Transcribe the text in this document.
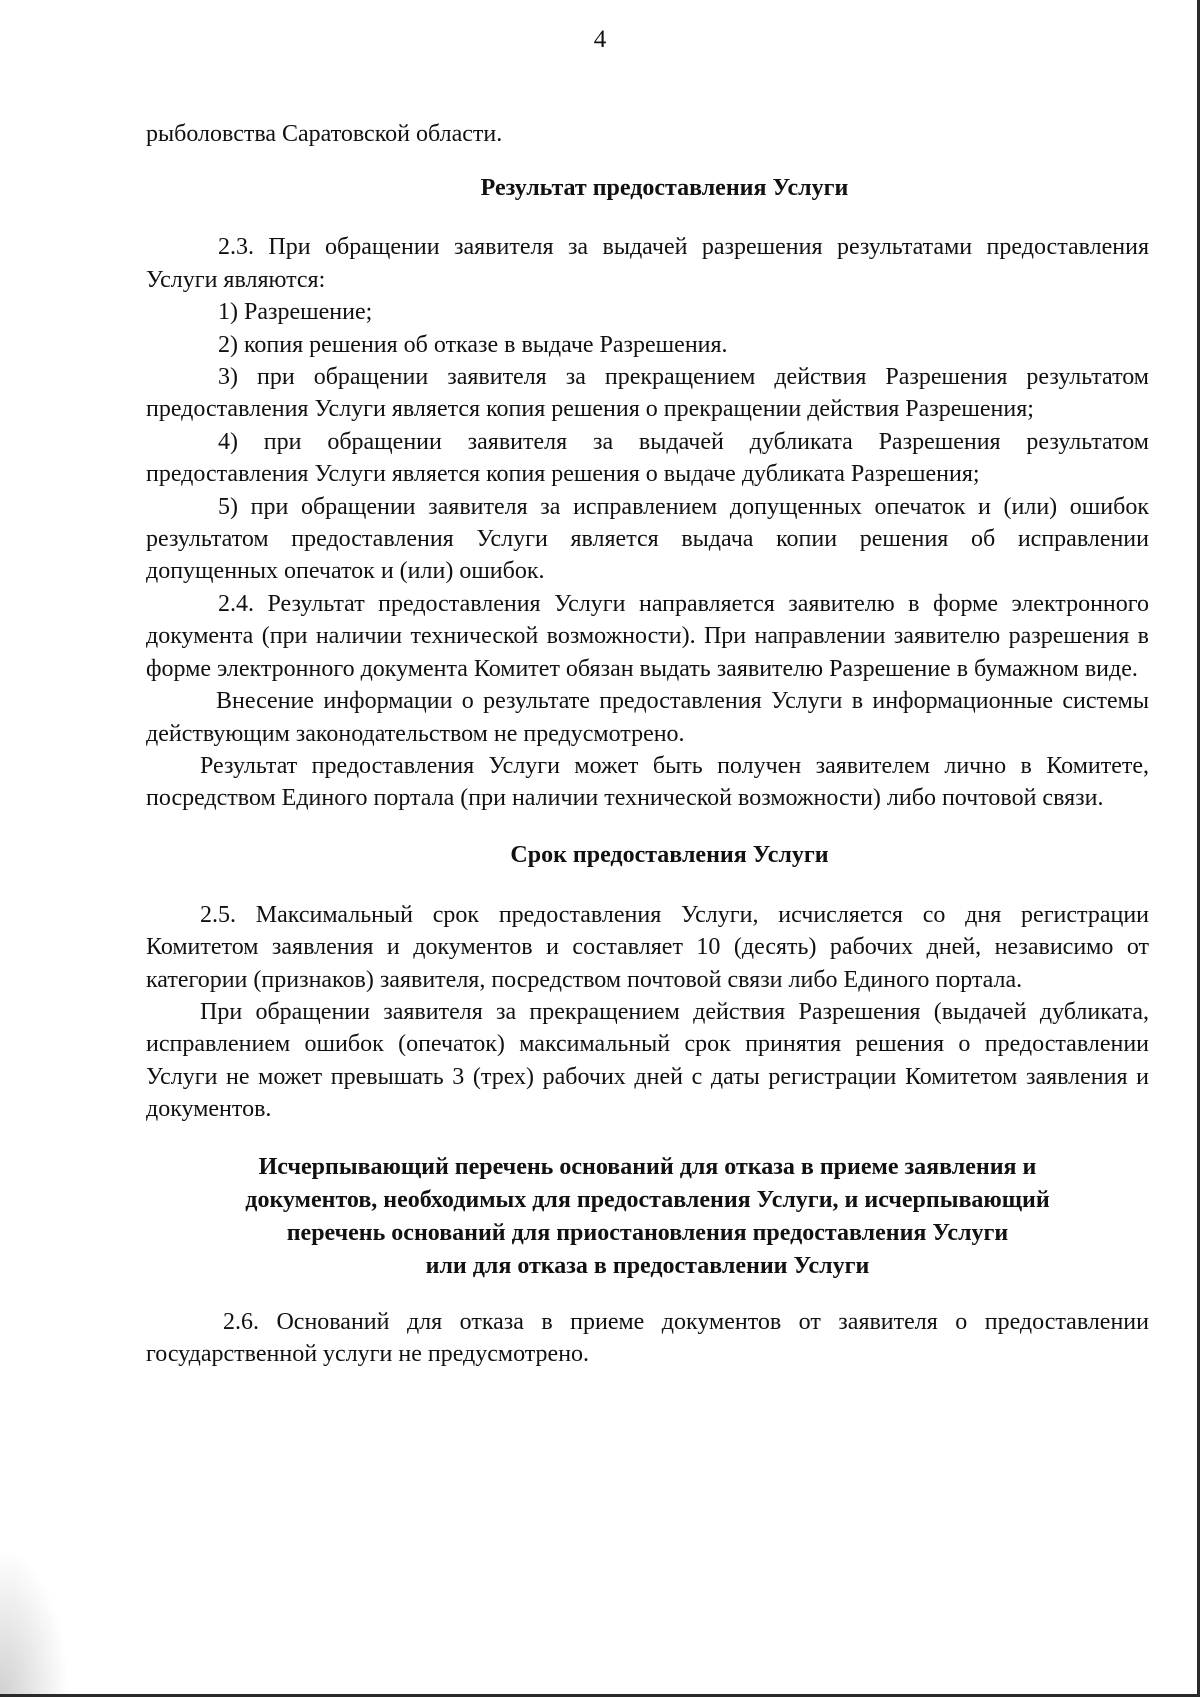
4

рыболовства Саратовской области.

Результат предоставления Услуги

2.3. При обращении заявителя за выдачей разрешения результатами предоставления Услуги являются:

1) Разрешение;

2) копия решения об отказе в выдаче Разрешения.

3) при обращении заявителя за прекращением действия Разрешения результатом предоставления Услуги является копия решения о прекращении действия Разрешения;

4) при обращении заявителя за выдачей дубликата Разрешения результатом предоставления Услуги является копия решения о выдаче дубликата Разрешения;

5) при обращении заявителя за исправлением допущенных опечаток и (или) ошибок результатом предоставления Услуги является выдача копии решения об исправлении допущенных опечаток и (или) ошибок.

2.4. Результат предоставления Услуги направляется заявителю в форме электронного документа (при наличии технической возможности). При направлении заявителю разрешения в форме электронного документа Комитет обязан выдать заявителю Разрешение в бумажном виде.

Внесение информации о результате предоставления Услуги в информационные системы действующим законодательством не предусмотрено.

Результат предоставления Услуги может быть получен заявителем лично в Комитете, посредством Единого портала (при наличии технической возможности) либо почтовой связи.

Срок предоставления Услуги

2.5. Максимальный срок предоставления Услуги, исчисляется со дня регистрации Комитетом заявления и документов и составляет 10 (десять) рабочих дней, независимо от категории (признаков) заявителя, посредством почтовой связи либо Единого портала.

При обращении заявителя за прекращением действия Разрешения (выдачей дубликата, исправлением ошибок (опечаток) максимальный срок принятия решения о предоставлении Услуги не может превышать 3 (трех) рабочих дней с даты регистрации Комитетом заявления и документов.

Исчерпывающий перечень оснований для отказа в приеме заявления и
документов, необходимых для предоставления Услуги, и исчерпывающий
перечень оснований для приостановления предоставления Услуги
или для отказа в предоставлении Услуги

2.6. Оснований для отказа в приеме документов от заявителя о предоставлении государственной услуги не предусмотрено.
